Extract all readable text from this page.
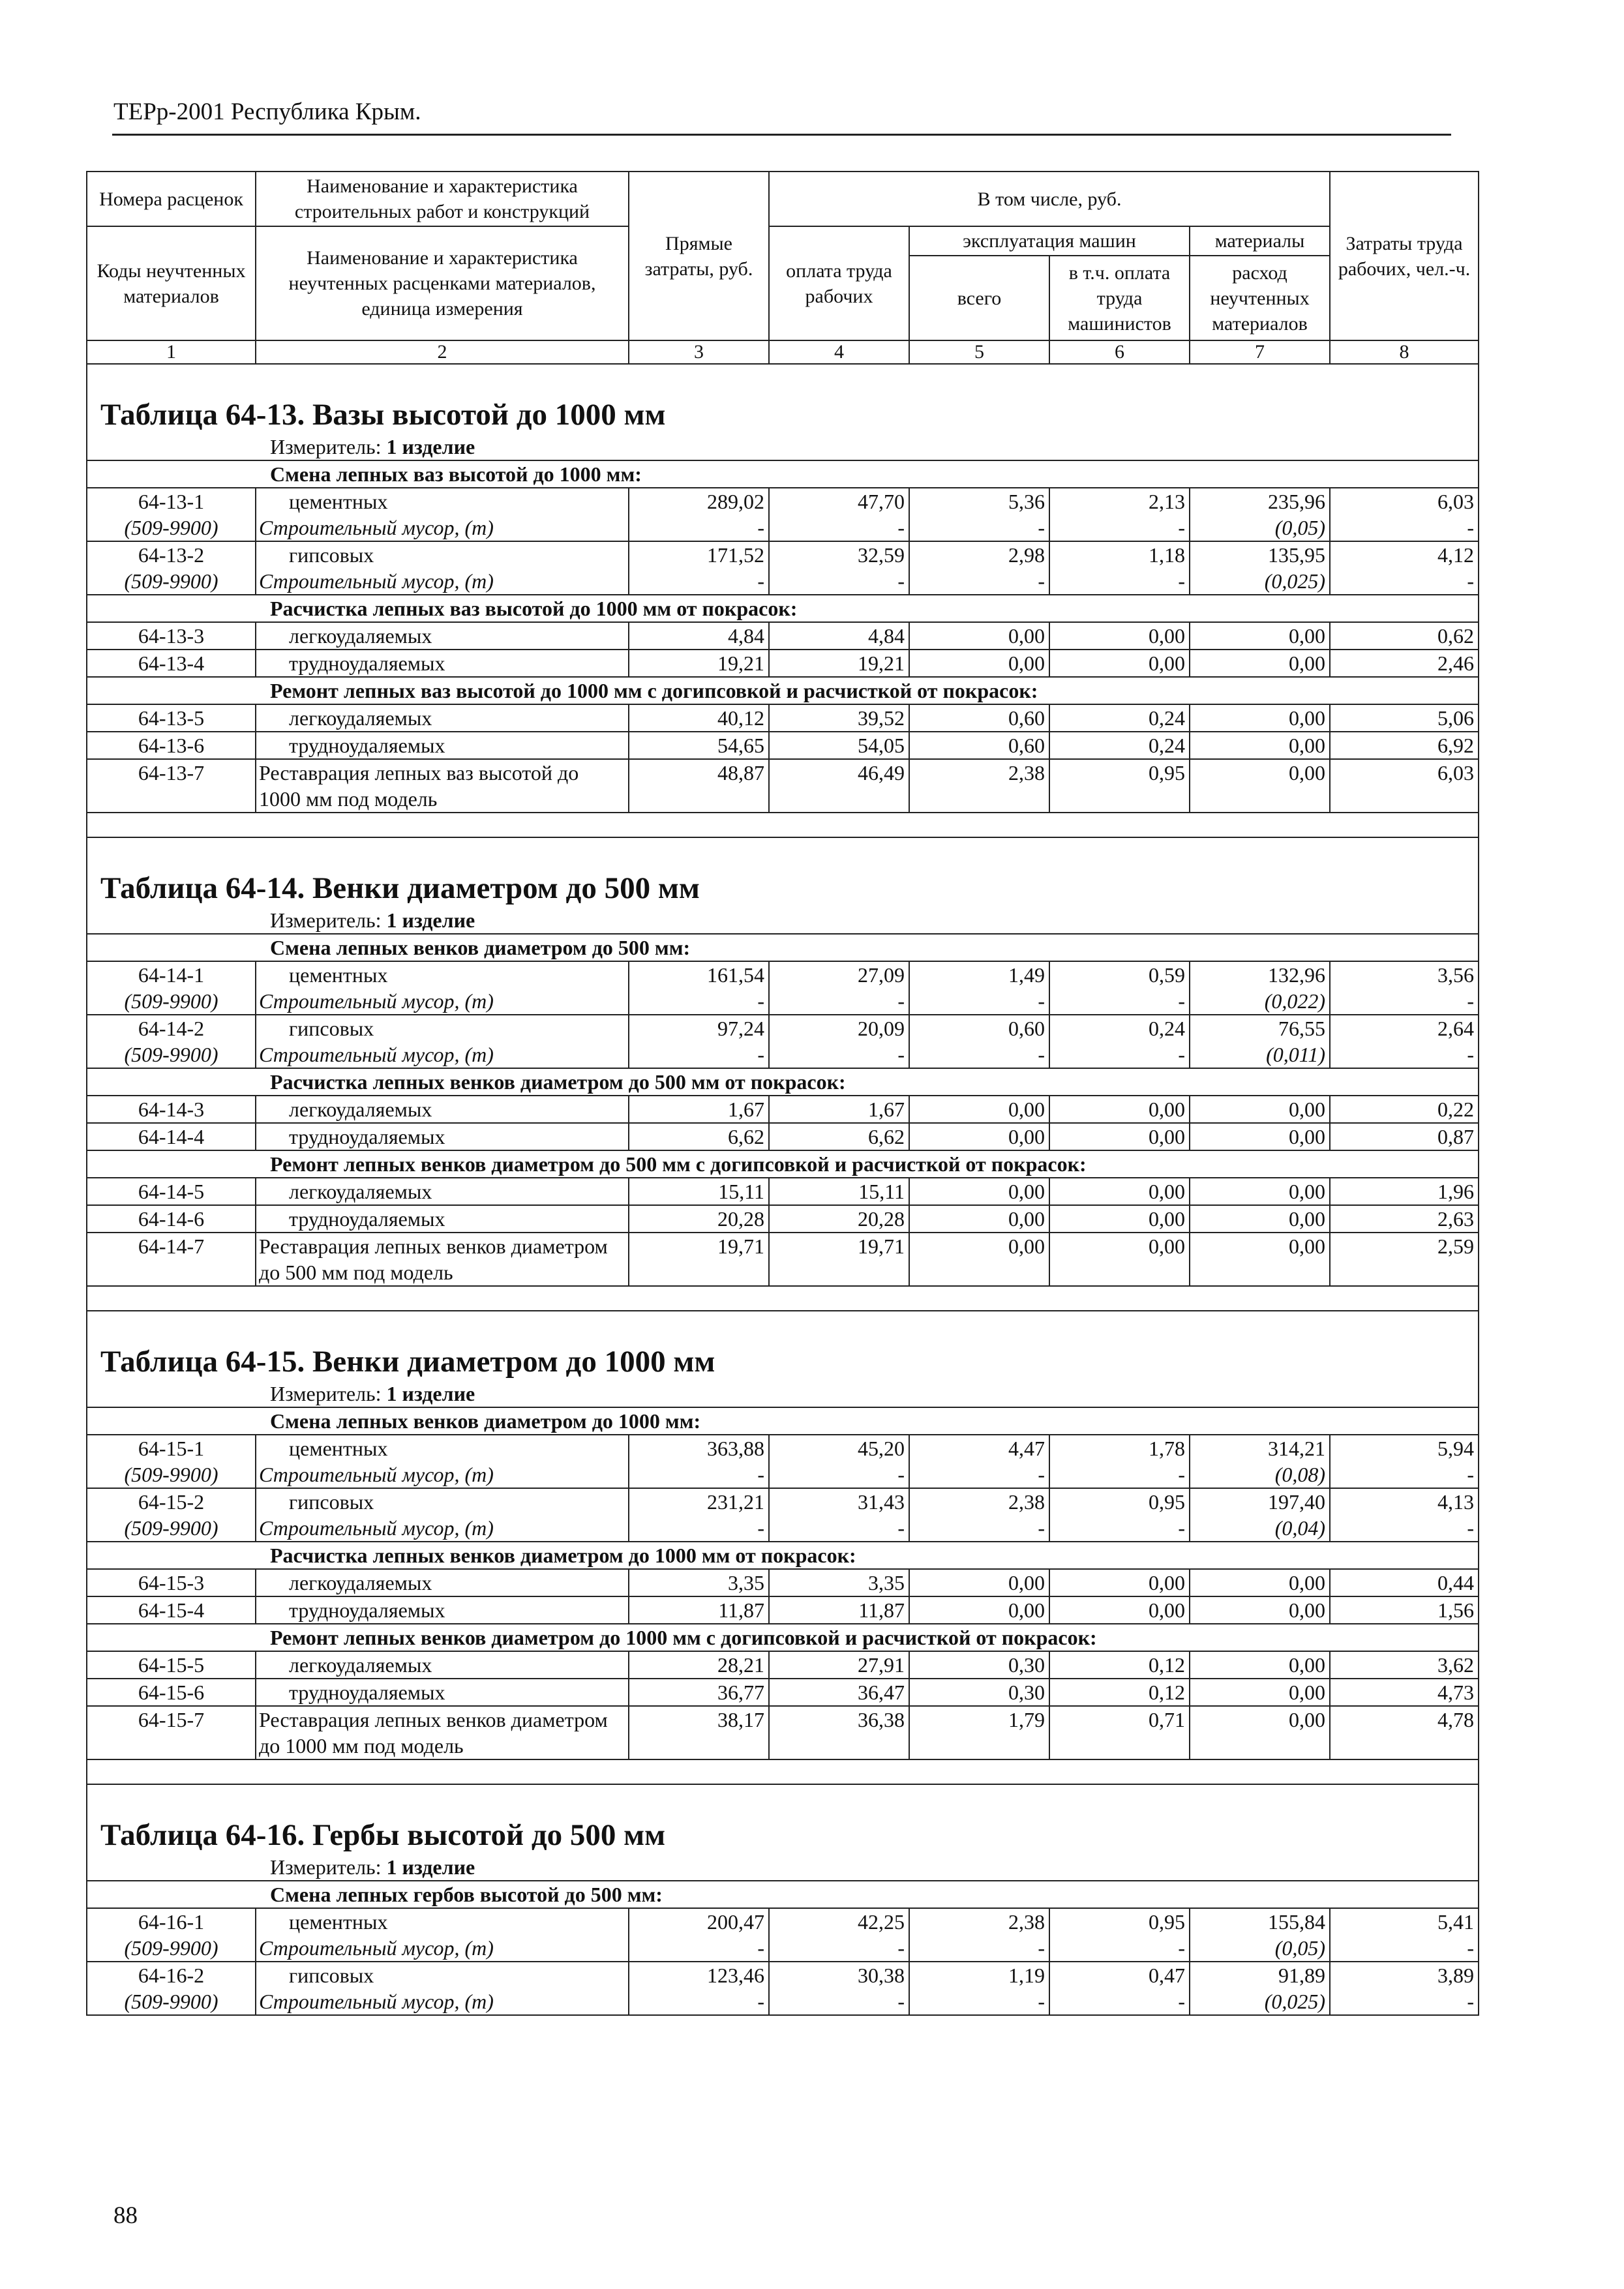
ТЕРр-2001 Республика Крым.
Номера расценок	Наименование и характеристика строительных работ и конструкций	Прямые затраты, руб.	В том числе, руб.				Затраты труда рабочих, чел.-ч.
Коды неучтенных материалов	Наименование и характеристика неучтенных расценками материалов, единица измерения		оплата труда рабочих	эксплуатация машин		материалы	
				всего	в т.ч. оплата труда машинистов	расход неучтенных материалов	

1	2	3	4	5	6	7	8
Таблица 64-13. Вазы высотой до 1000 мм							
Измеритель: 1 изделие							
Смена лепных ваз высотой до 1000 мм:							
64-13-1	цементных	289,02	47,70	5,36	2,13	235,96	6,03
(509-9900)	Строительный мусор, (т)	-	-	-	-	(0,05)	-
64-13-2	гипсовых	171,52	32,59	2,98	1,18	135,95	4,12
(509-9900)	Строительный мусор, (т)	-	-	-	-	(0,025)	-
Расчистка лепных ваз высотой до 1000 мм от покрасок:							
64-13-3	легкоудаляемых	4,84	4,84	0,00	0,00	0,00	0,62
64-13-4	трудноудаляемых	19,21	19,21	0,00	0,00	0,00	2,46
Ремонт лепных ваз высотой до 1000 мм с догипсовкой и расчисткой от покрасок:							
64-13-5	легкоудаляемых	40,12	39,52	0,60	0,24	0,00	5,06
64-13-6	трудноудаляемых	54,65	54,05	0,60	0,24	0,00	6,92
64-13-7	Реставрация лепных ваз высотой до 1000 мм под модель	48,87	46,49	2,38	0,95	0,00	6,03

Таблица 64-14. Венки диаметром до 500 мм							
Измеритель: 1 изделие							
Смена лепных венков диаметром до 500 мм:							
64-14-1	цементных	161,54	27,09	1,49	0,59	132,96	3,56
(509-9900)	Строительный мусор, (т)	-	-	-	-	(0,022)	-
64-14-2	гипсовых	97,24	20,09	0,60	0,24	76,55	2,64
(509-9900)	Строительный мусор, (т)	-	-	-	-	(0,011)	-
Расчистка лепных венков диаметром до 500 мм от покрасок:							
64-14-3	легкоудаляемых	1,67	1,67	0,00	0,00	0,00	0,22
64-14-4	трудноудаляемых	6,62	6,62	0,00	0,00	0,00	0,87
Ремонт лепных венков диаметром до 500 мм с догипсовкой и расчисткой от покрасок:							
64-14-5	легкоудаляемых	15,11	15,11	0,00	0,00	0,00	1,96
64-14-6	трудноудаляемых	20,28	20,28	0,00	0,00	0,00	2,63
64-14-7	Реставрация лепных венков диаметром до 500 мм под модель	19,71	19,71	0,00	0,00	0,00	2,59

Таблица 64-15. Венки диаметром до 1000 мм							
Измеритель: 1 изделие							
Смена лепных венков диаметром до 1000 мм:							
64-15-1	цементных	363,88	45,20	4,47	1,78	314,21	5,94
(509-9900)	Строительный мусор, (т)	-	-	-	-	(0,08)	-
64-15-2	гипсовых	231,21	31,43	2,38	0,95	197,40	4,13
(509-9900)	Строительный мусор, (т)	-	-	-	-	(0,04)	-
Расчистка лепных венков диаметром до 1000 мм от покрасок:							
64-15-3	легкоудаляемых	3,35	3,35	0,00	0,00	0,00	0,44
64-15-4	трудноудаляемых	11,87	11,87	0,00	0,00	0,00	1,56
Ремонт лепных венков диаметром до 1000 мм с догипсовкой и расчисткой от покрасок:							
64-15-5	легкоудаляемых	28,21	27,91	0,30	0,12	0,00	3,62
64-15-6	трудноудаляемых	36,77	36,47	0,30	0,12	0,00	4,73
64-15-7	Реставрация лепных венков диаметром до 1000 мм под модель	38,17	36,38	1,79	0,71	0,00	4,78

Таблица 64-16. Гербы высотой до 500 мм							
Измеритель: 1 изделие							
Смена лепных гербов высотой до 500 мм:							
64-16-1	цементных	200,47	42,25	2,38	0,95	155,84	5,41
(509-9900)	Строительный мусор, (т)	-	-	-	-	(0,05)	-
64-16-2	гипсовых	123,46	30,38	1,19	0,47	91,89	3,89
(509-9900)	Строительный мусор, (т)	-	-	-	-	(0,025)	-
88
